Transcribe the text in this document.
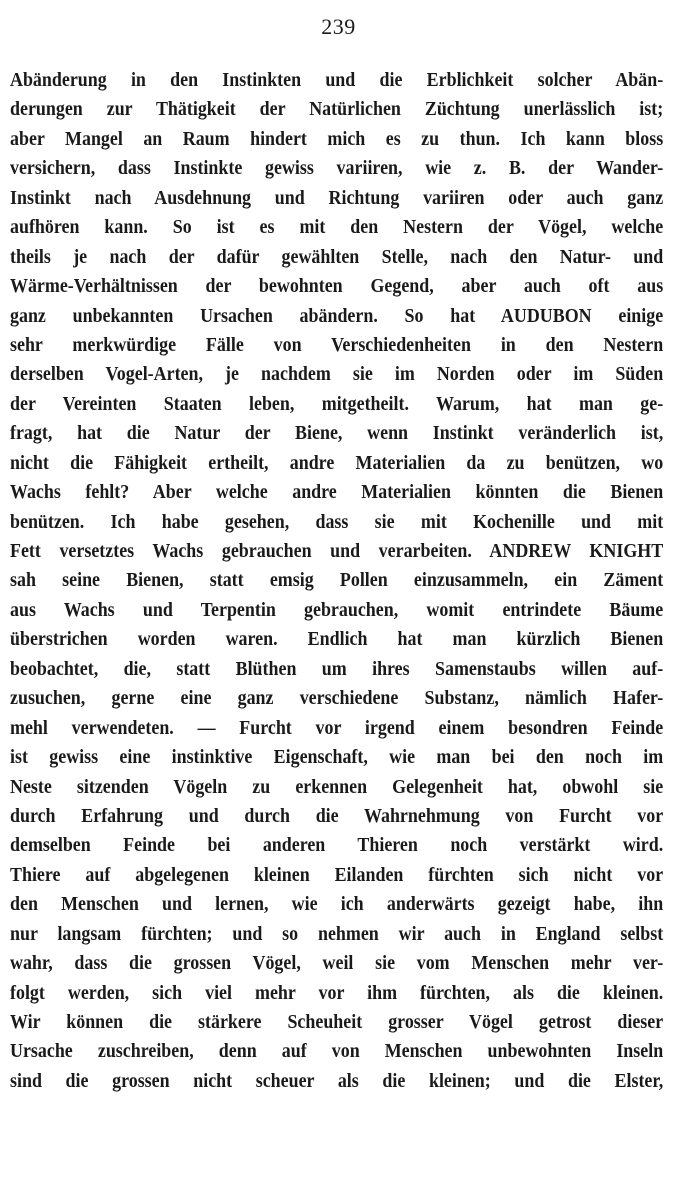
239
Abänderung in den Instinkten und die Erblichkeit solcher Abän-
derungen zur Thätigkeit der Natürlichen Züchtung unerlässlich ist;
aber Mangel an Raum hindert mich es zu thun. Ich kann bloss
versichern, dass Instinkte gewiss variiren, wie z. B. der Wander-
Instinkt nach Ausdehnung und Richtung variiren oder auch ganz
aufhören kann. So ist es mit den Nestern der Vögel, welche
theils je nach der dafür gewählten Stelle, nach den Natur- und
Wärme-Verhältnissen der bewohnten Gegend, aber auch oft aus
ganz unbekannten Ursachen abändern. So hat AUDUBON einige
sehr merkwürdige Fälle von Verschiedenheiten in den Nestern
derselben Vogel-Arten, je nachdem sie im Norden oder im Süden
der Vereinten Staaten leben, mitgetheilt. Warum, hat man ge-
fragt, hat die Natur der Biene, wenn Instinkt veränderlich ist,
nicht die Fähigkeit ertheilt, andre Materialien da zu benützen, wo
Wachs fehlt? Aber welche andre Materialien könnten die Bienen
benützen. Ich habe gesehen, dass sie mit Kochenille und mit
Fett versetztes Wachs gebrauchen und verarbeiten. ANDREW KNIGHT
sah seine Bienen, statt emsig Pollen einzusammeln, ein Zäment
aus Wachs und Terpentin gebrauchen, womit entrindete Bäume
überstrichen worden waren. Endlich hat man kürzlich Bienen
beobachtet, die, statt Blüthen um ihres Samenstaubs willen auf-
zusuchen, gerne eine ganz verschiedene Substanz, nämlich Hafer-
mehl verwendeten. — Furcht vor irgend einem besondren Feinde
ist gewiss eine instinktive Eigenschaft, wie man bei den noch im
Neste sitzenden Vögeln zu erkennen Gelegenheit hat, obwohl sie
durch Erfahrung und durch die Wahrnehmung von Furcht vor
demselben Feinde bei anderen Thieren noch verstärkt wird.
Thiere auf abgelegenen kleinen Eilanden fürchten sich nicht vor
den Menschen und lernen, wie ich anderwärts gezeigt habe, ihn
nur langsam fürchten; und so nehmen wir auch in England selbst
wahr, dass die grossen Vögel, weil sie vom Menschen mehr ver-
folgt werden, sich viel mehr vor ihm fürchten, als die kleinen.
Wir können die stärkere Scheuheit grosser Vögel getrost dieser
Ursache zuschreiben, denn auf von Menschen unbewohnten Inseln
sind die grossen nicht scheuer als die kleinen; und die Elster,
